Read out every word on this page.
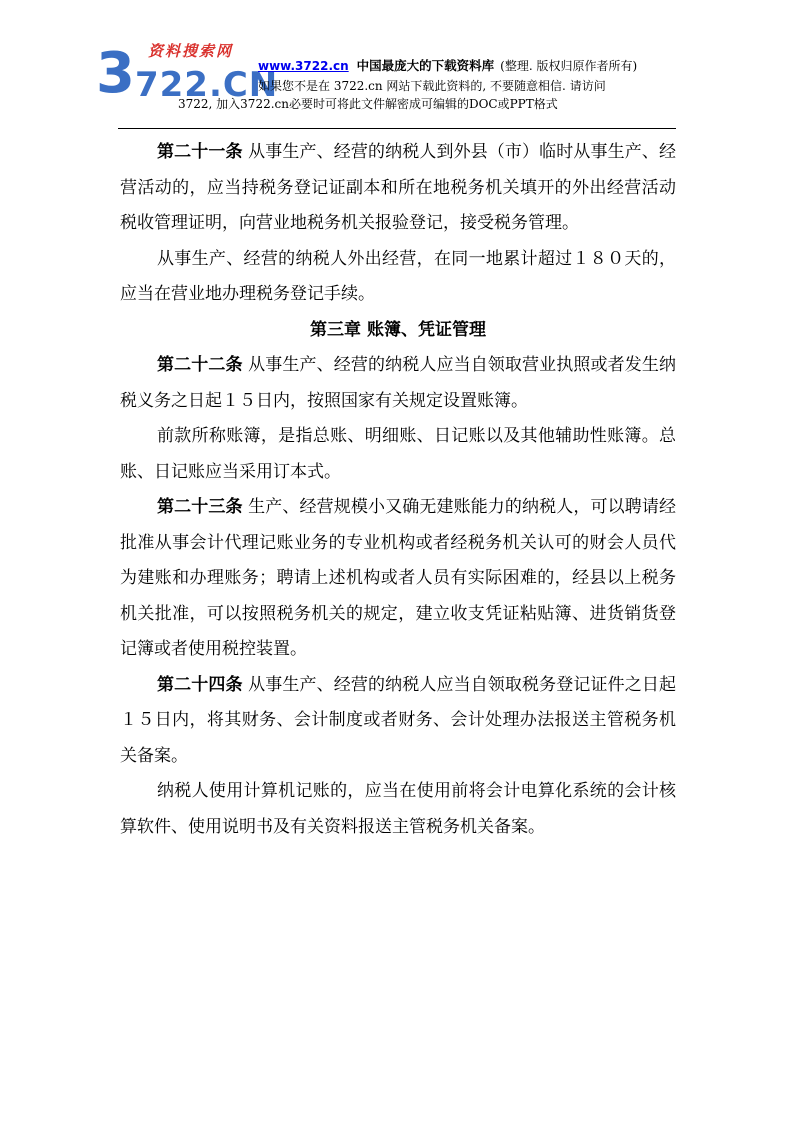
资料搜索网
3722.CN
www.3722.cn 中国最庞大的下载资料库 (整理. 版权归原作者所有)
如果您不是在 3722.cn 网站下载此资料的, 不要随意相信. 请访问
3722, 加入3722.cn必要时可将此文件解密成可编辑的DOC或PPT格式

第二十一条 从事生产、经营的纳税人到外县（市）临时从事生产、经营活动的，应当持税务登记证副本和所在地税务机关填开的外出经营活动税收管理证明，向营业地税务机关报验登记，接受税务管理。

从事生产、经营的纳税人外出经营，在同一地累计超过１８０天的，应当在营业地办理税务登记手续。

第三章 账簿、凭证管理

第二十二条 从事生产、经营的纳税人应当自领取营业执照或者发生纳税义务之日起１５日内，按照国家有关规定设置账簿。

前款所称账簿，是指总账、明细账、日记账以及其他辅助性账簿。总账、日记账应当采用订本式。

第二十三条 生产、经营规模小又确无建账能力的纳税人，可以聘请经批准从事会计代理记账业务的专业机构或者经税务机关认可的财会人员代为建账和办理账务；聘请上述机构或者人员有实际困难的，经县以上税务机关批准，可以按照税务机关的规定，建立收支凭证粘贴簿、进货销货登记簿或者使用税控装置。

第二十四条 从事生产、经营的纳税人应当自领取税务登记证件之日起１５日内，将其财务、会计制度或者财务、会计处理办法报送主管税务机关备案。

纳税人使用计算机记账的，应当在使用前将会计电算化系统的会计核算软件、使用说明书及有关资料报送主管税务机关备案。
